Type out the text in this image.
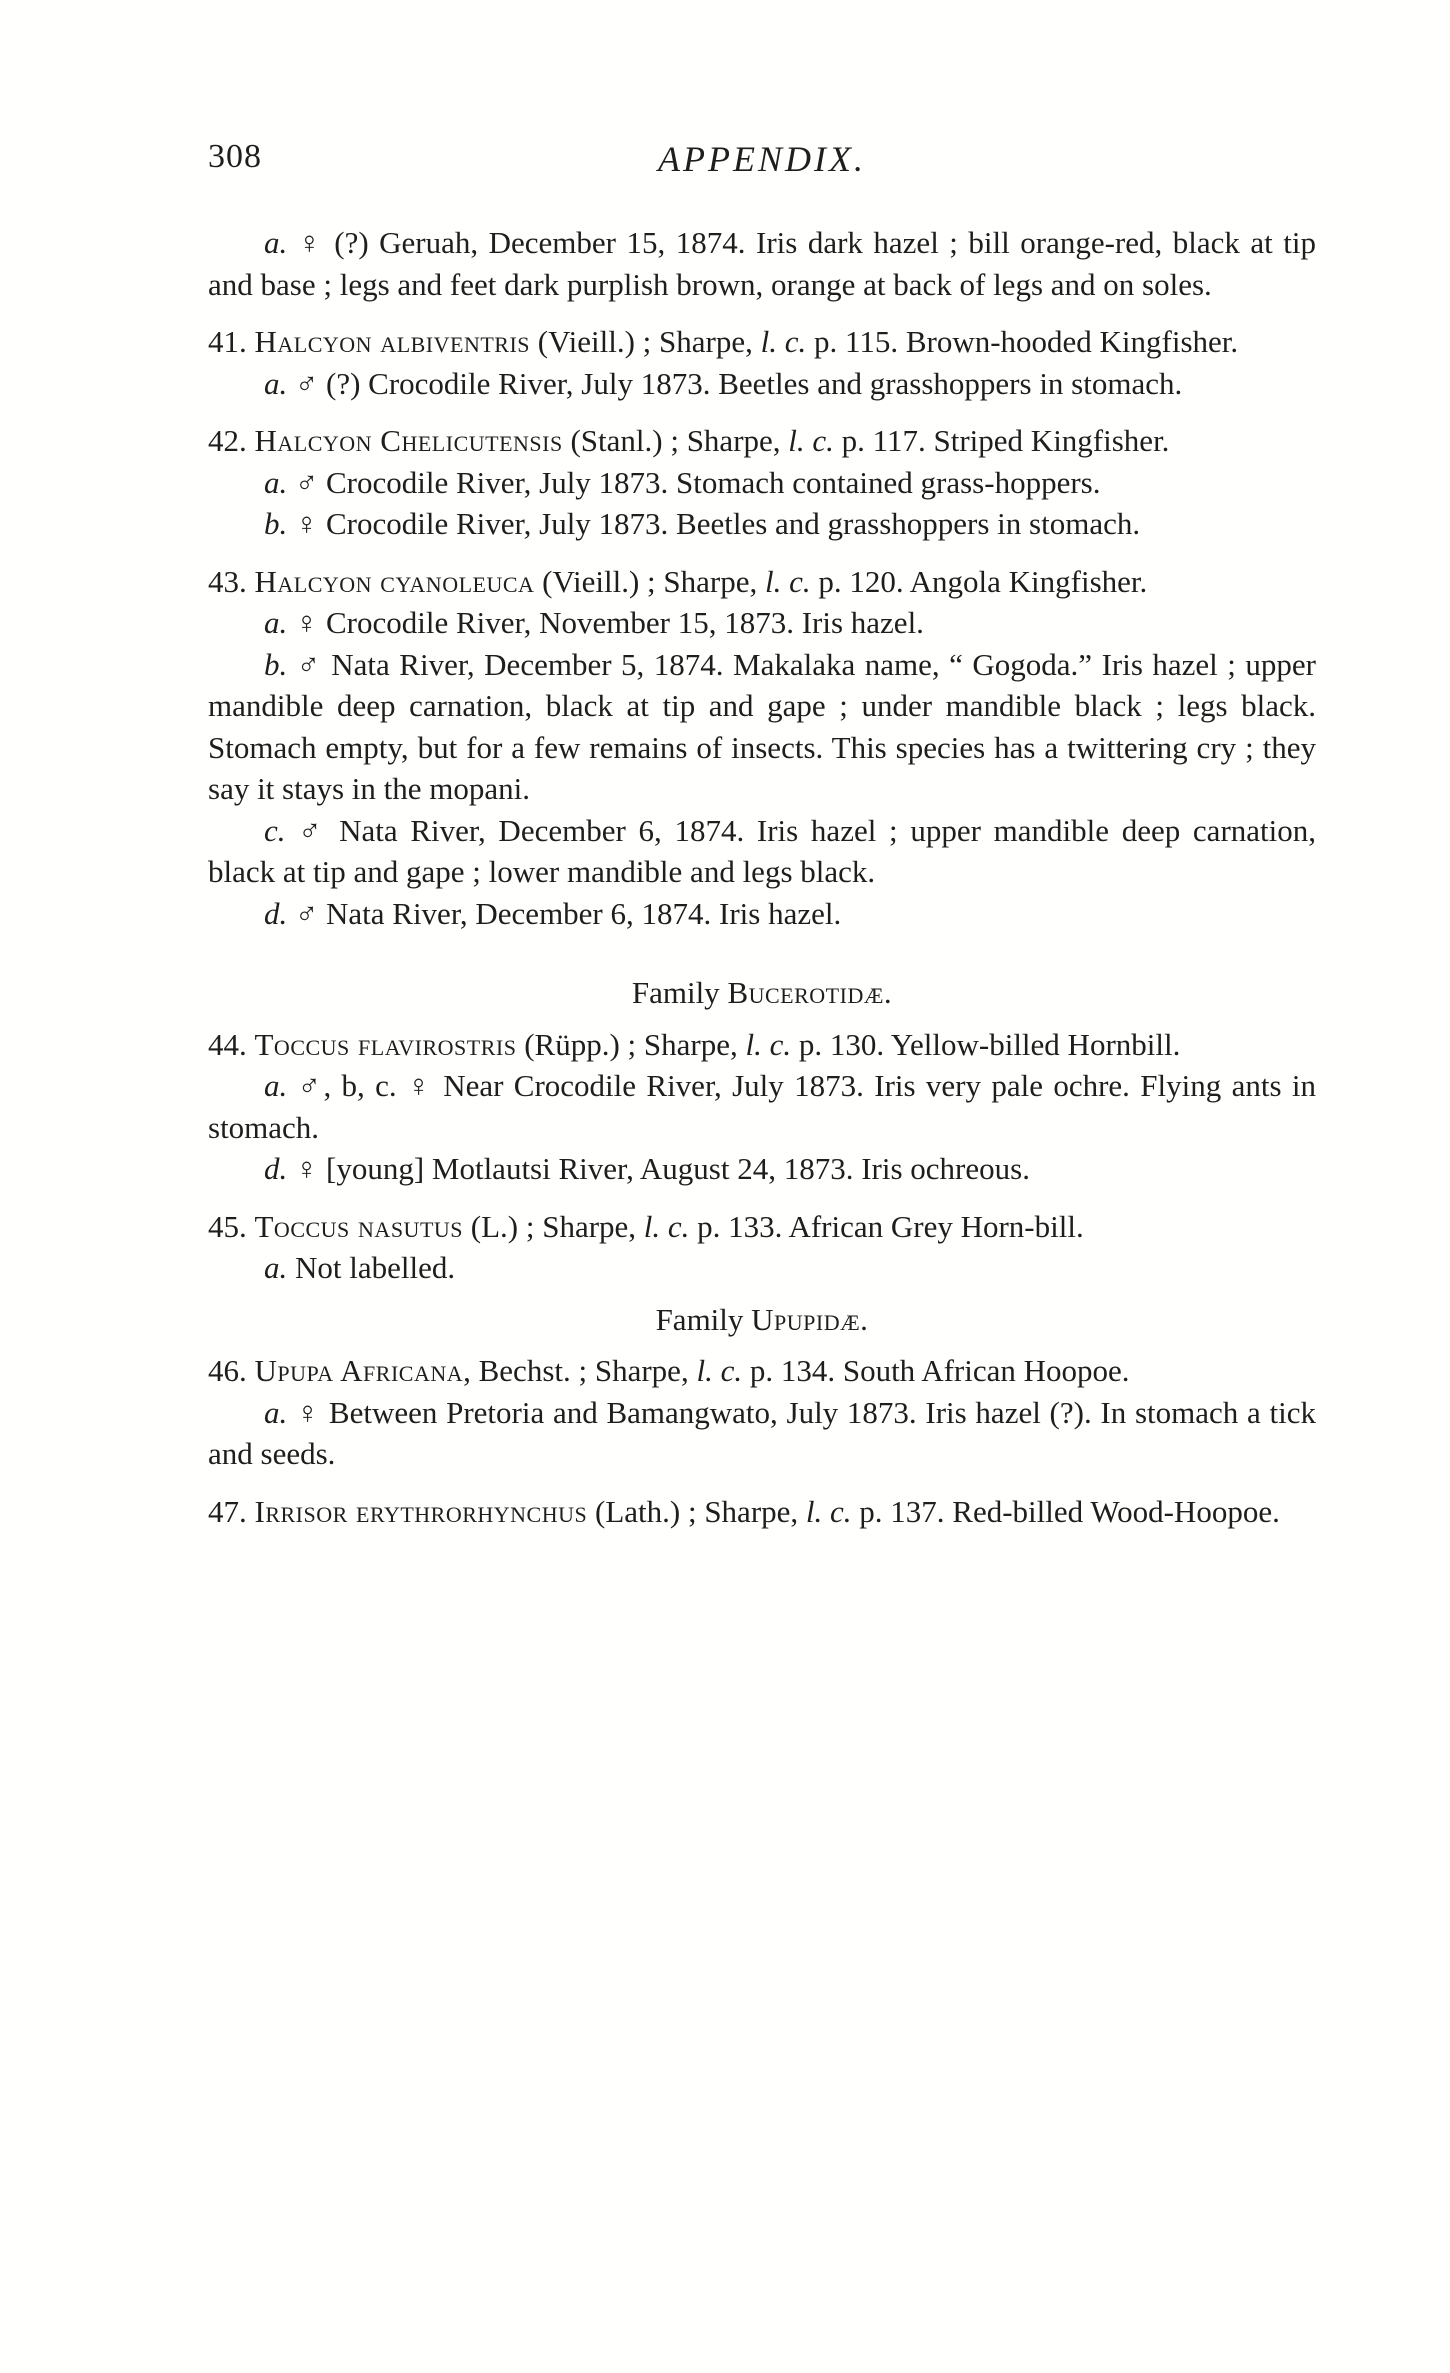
308	APPENDIX.

a. ♀ (?) Geruah, December 15, 1874. Iris dark hazel ; bill orange-red, black at tip and base ; legs and feet dark purplish brown, orange at back of legs and on soles.

41. Halcyon albiventris (Vieill.) ; Sharpe, l. c. p. 115. Brown-hooded Kingfisher.

a. ♂ (?) Crocodile River, July 1873. Beetles and grasshoppers in stomach.

42. Halcyon Chelicutensis (Stanl.) ; Sharpe, l. c. p. 117. Striped Kingfisher.

a. ♂ Crocodile River, July 1873. Stomach contained grass-hoppers.

b. ♀ Crocodile River, July 1873. Beetles and grasshoppers in stomach.

43. Halcyon cyanoleuca (Vieill.) ; Sharpe, l. c. p. 120. Angola Kingfisher.

a. ♀ Crocodile River, November 15, 1873. Iris hazel.

b. ♂ Nata River, December 5, 1874. Makalaka name, “ Gogoda.” Iris hazel ; upper mandible deep carnation, black at tip and gape ; under mandible black ; legs black. Stomach empty, but for a few remains of insects. This species has a twittering cry ; they say it stays in the mopani.

c. ♂ Nata River, December 6, 1874. Iris hazel ; upper mandible deep carnation, black at tip and gape ; lower mandible and legs black.

d. ♂ Nata River, December 6, 1874. Iris hazel.

Family Bucerotidæ.

44. Toccus flavirostris (Rüpp.) ; Sharpe, l. c. p. 130. Yellow-billed Hornbill.

a. ♂, b, c. ♀ Near Crocodile River, July 1873. Iris very pale ochre. Flying ants in stomach.

d. ♀ [young] Motlautsi River, August 24, 1873. Iris ochreous.

45. Toccus nasutus (L.) ; Sharpe, l. c. p. 133. African Grey Horn-bill.

a. Not labelled.

Family Upupidæ.

46. Upupa Africana, Bechst. ; Sharpe, l. c. p. 134. South African Hoopoe.

a. ♀ Between Pretoria and Bamangwato, July 1873. Iris hazel (?). In stomach a tick and seeds.

47. Irrisor erythrorhynchus (Lath.) ; Sharpe, l. c. p. 137. Red-billed Wood-Hoopoe.
